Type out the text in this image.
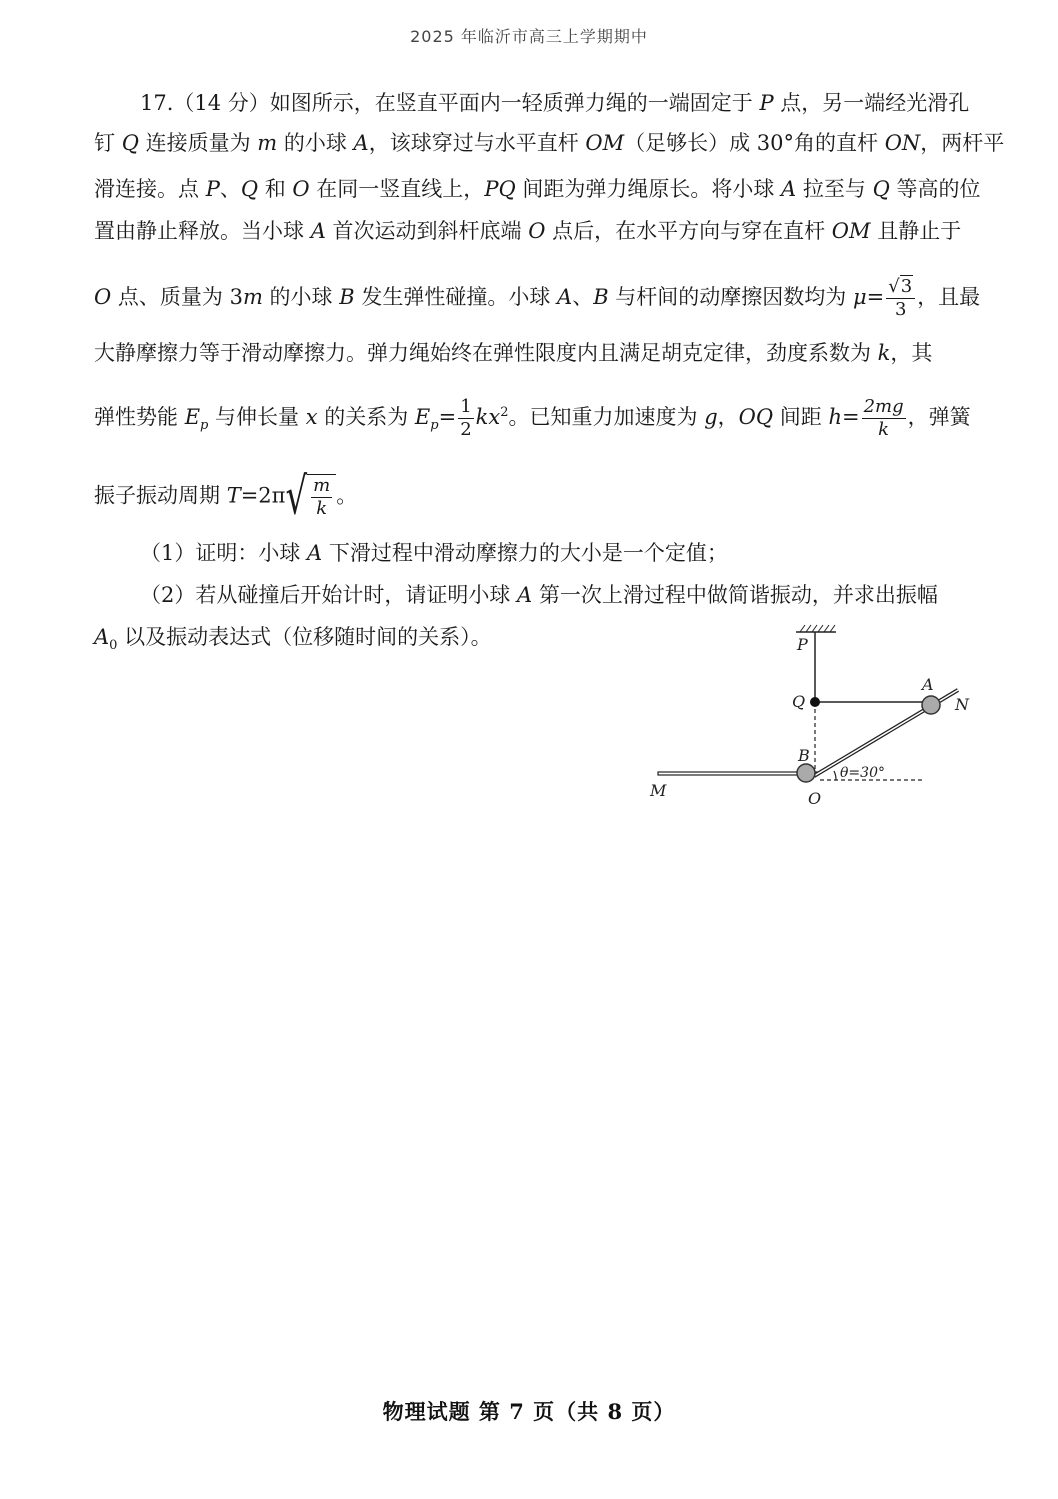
2025 年临沂市高三上学期期中
17.（14 分）如图所示，在竖直平面内一轻质弹力绳的一端固定于 P 点，另一端经光滑孔
钉 Q 连接质量为 m 的小球 A，该球穿过与水平直杆 OM（足够长）成 30°角的直杆 ON，两杆平
滑连接。点 P、Q 和 O 在同一竖直线上，PQ 间距为弹力绳原长。将小球 A 拉至与 Q 等高的位
置由静止释放。当小球 A 首次运动到斜杆底端 O 点后，在水平方向与穿在直杆 OM 且静止于
O 点、质量为 3m 的小球 B 发生弹性碰撞。小球 A、B 与杆间的动摩擦因数均为 $\mu= \frac{√3}{3}$ ，且最
大静摩擦力等于滑动摩擦力。弹力绳始终在弹性限度内且满足胡克定律，劲度系数为 k，其
弹性势能 $E_p$ 与伸长量 x 的关系为 $E_p= \frac{1}{2} kx^2$。已知重力加速度为 g，OQ 间距 $h= \frac{2mg}{k}$ ，弹簧
振子振动周期 $T=2\pi√ \frac{m}{k}$ 。
（1）证明：小球 A 下滑过程中滑动摩擦力的大小是一个定值；
（2）若从碰撞后开始计时，请证明小球 A 第一次上滑过程中做简谐振动，并求出振幅
$A_0$ 以及振动表达式（位移随时间的关系）。	P
Q
A
N
B
M	O
θ=30°
物理试题 第 7 页（共 8 页）
